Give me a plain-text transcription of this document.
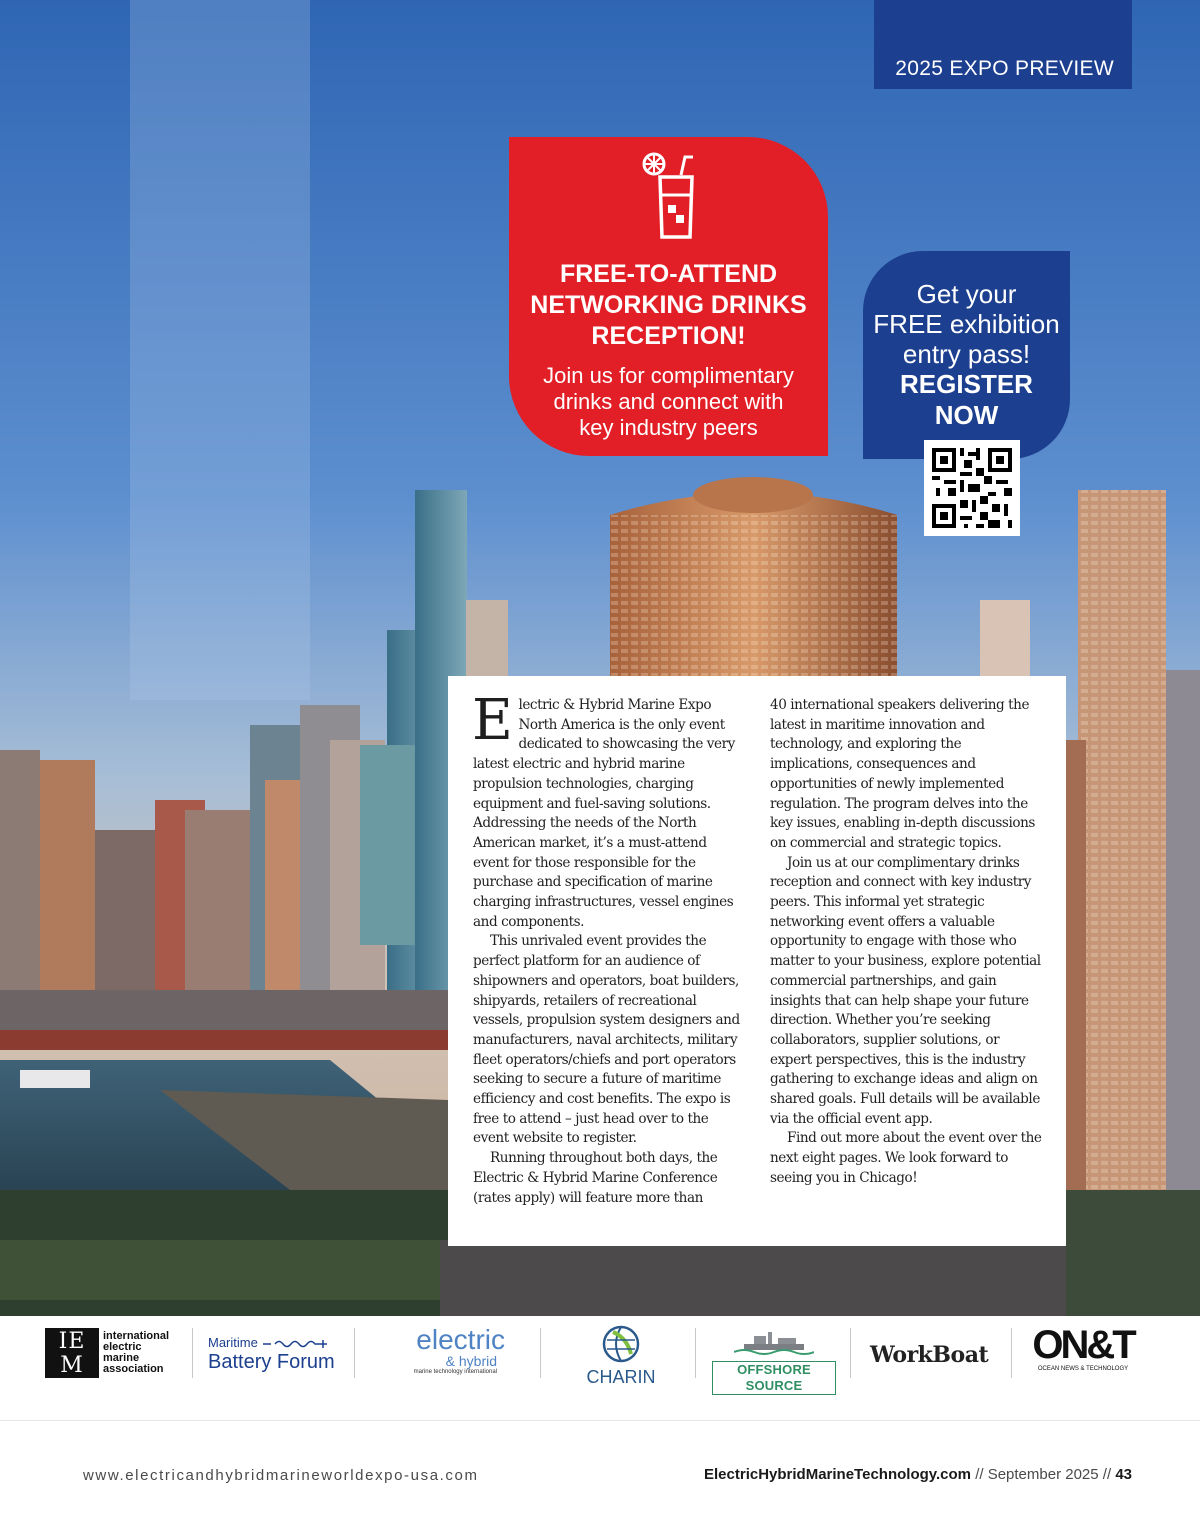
2025 EXPO PREVIEW
FREE-TO-ATTEND
NETWORKING DRINKS
RECEPTION!
Join us for complimentary
drinks and connect with
key industry peers
Get your
FREE exhibition
entry pass!
REGISTER
NOW

Electric & Hybrid Marine Expo North America is the only event dedicated to showcasing the very latest electric and hybrid marine propulsion technologies, charging equipment and fuel-saving solutions. Addressing the needs of the North American market, it’s a must-attend event for those responsible for the purchase and specification of marine charging infrastructures, vessel engines and components.

This unrivaled event provides the perfect platform for an audience of shipowners and operators, boat builders, shipyards, retailers of recreational vessels, propulsion system designers and manufacturers, naval architects, military fleet operators/chiefs and port operators seeking to secure a future of maritime efficiency and cost benefits. The expo is free to attend – just head over to the event website to register.

Running throughout both days, the Electric & Hybrid Marine Conference (rates apply) will feature more than

40 international speakers delivering the latest in maritime innovation and technology, and exploring the implications, consequences and opportunities of newly implemented regulation. The program delves into the key issues, enabling in-depth discussions on commercial and strategic topics.

Join us at our complimentary drinks reception and connect with key industry peers. This informal yet strategic networking event offers a valuable opportunity to engage with those who matter to your business, explore potential commercial partnerships, and gain insights that can help shape your future direction. Whether you’re seeking collaborators, supplier solutions, or expert perspectives, this is the industry gathering to exchange ideas and align on shared goals. Full details will be available via the official event app.

Find out more about the event over the next eight pages. We look forward to seeing you in Chicago!

IEMA
international
electric
marine
association
Maritime
Battery Forum
electric
& hybrid
marine technology international	CHARIN	OFFSHORE SOURCE
WorkBoat ON&T
OCEAN NEWS & TECHNOLOGY
www.electricandhybridmarineworldexpo-usa.com	ElectricHybridMarineTechnology.com // September 2025 // 43
